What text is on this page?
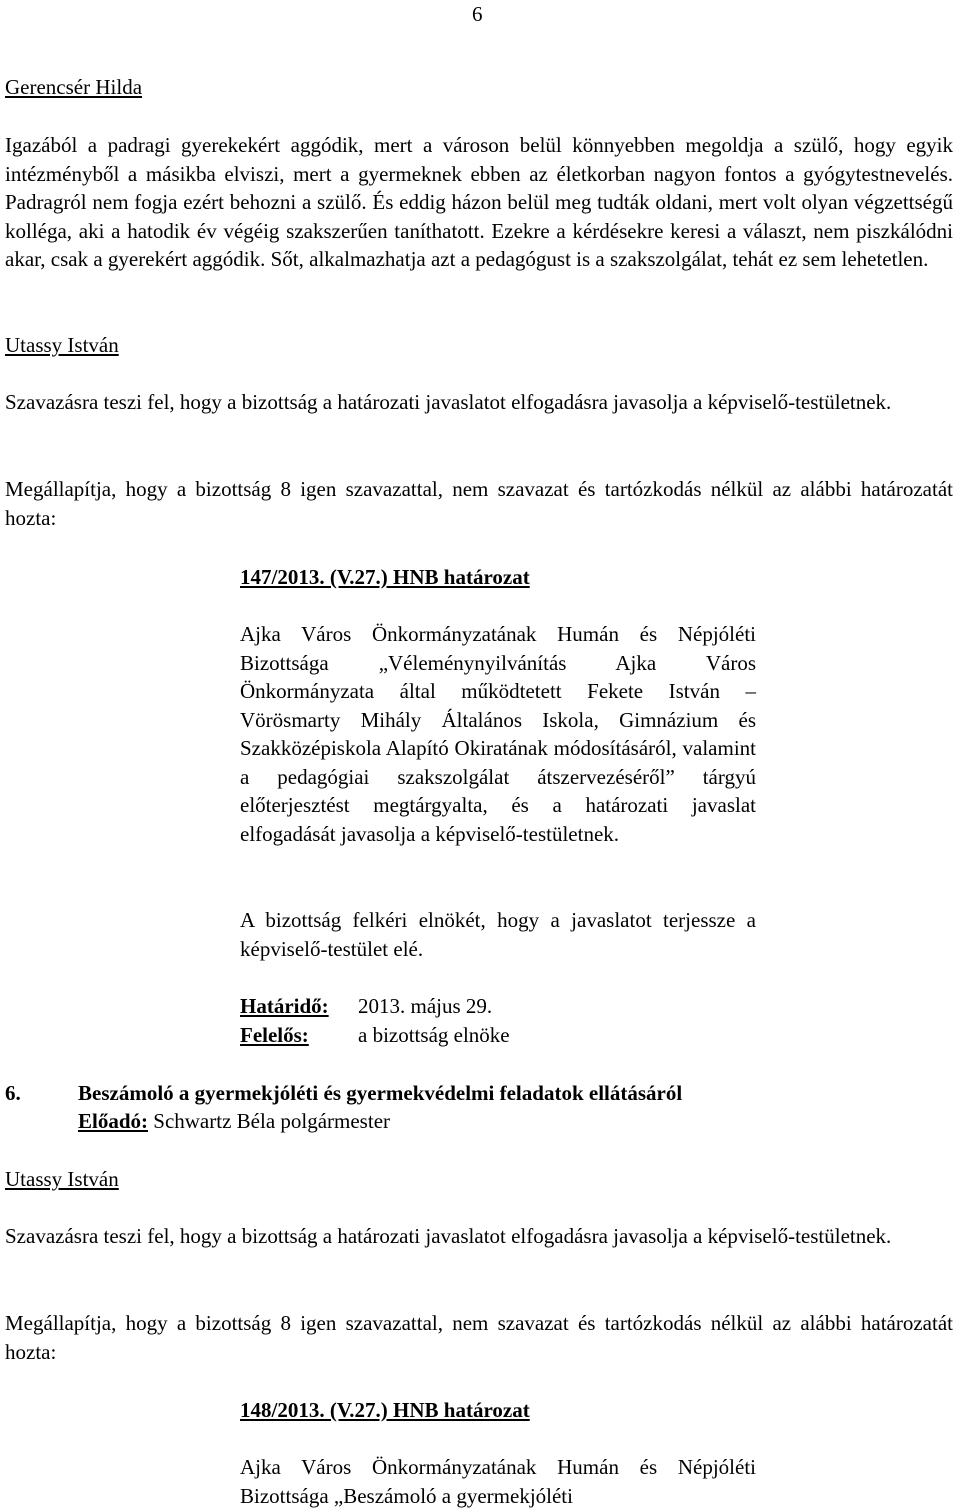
6
Gerencsér Hilda

Igazából a padragi gyerekekért aggódik, mert a városon belül könnyebben megoldja a szülő, hogy egyik intézményből a másikba elviszi, mert a gyermeknek ebben az életkorban nagyon fontos a gyógytestnevelés. Padragról nem fogja ezért behozni a szülő. És eddig házon belül meg tudták oldani, mert volt olyan végzettségű kolléga, aki a hatodik év végéig szakszerűen taníthatott. Ezekre a kérdésekre keresi a választ, nem piszkálódni akar, csak a gyerekért aggódik. Sőt, alkalmazhatja azt a pedagógust is a szakszolgálat, tehát ez sem lehetetlen.

Utassy István

Szavazásra teszi fel, hogy a bizottság a határozati javaslatot elfogadásra javasolja a képviselő-testületnek.

Megállapítja, hogy a bizottság 8 igen szavazattal, nem szavazat és tartózkodás nélkül az alábbi határozatát hozta:

147/2013. (V.27.) HNB határozat

Ajka Város Önkormányzatának Humán és Népjóléti Bizottsága „Véleménynyilvánítás Ajka Város Önkormányzata által működtetett Fekete István – Vörösmarty Mihály Általános Iskola, Gimnázium és Szakközépiskola Alapító Okiratának módosításáról, valamint a pedagógiai szakszolgálat átszervezéséről” tárgyú előterjesztést megtárgyalta, és a határozati javaslat elfogadását javasolja a képviselő-testületnek.

A bizottság felkéri elnökét, hogy a javaslatot terjessze a képviselő-testület elé.

Határidő: 2013. május 29.
Felelős: a bizottság elnöke
6.	Beszámoló a gyermekjóléti és gyermekvédelmi feladatok ellátásáról
Előadó: Schwartz Béla polgármester
Utassy István

Szavazásra teszi fel, hogy a bizottság a határozati javaslatot elfogadásra javasolja a képviselő-testületnek.

Megállapítja, hogy a bizottság 8 igen szavazattal, nem szavazat és tartózkodás nélkül az alábbi határozatát hozta:

148/2013. (V.27.) HNB határozat

Ajka Város Önkormányzatának Humán és Népjóléti Bizottsága „Beszámoló a gyermekjóléti
